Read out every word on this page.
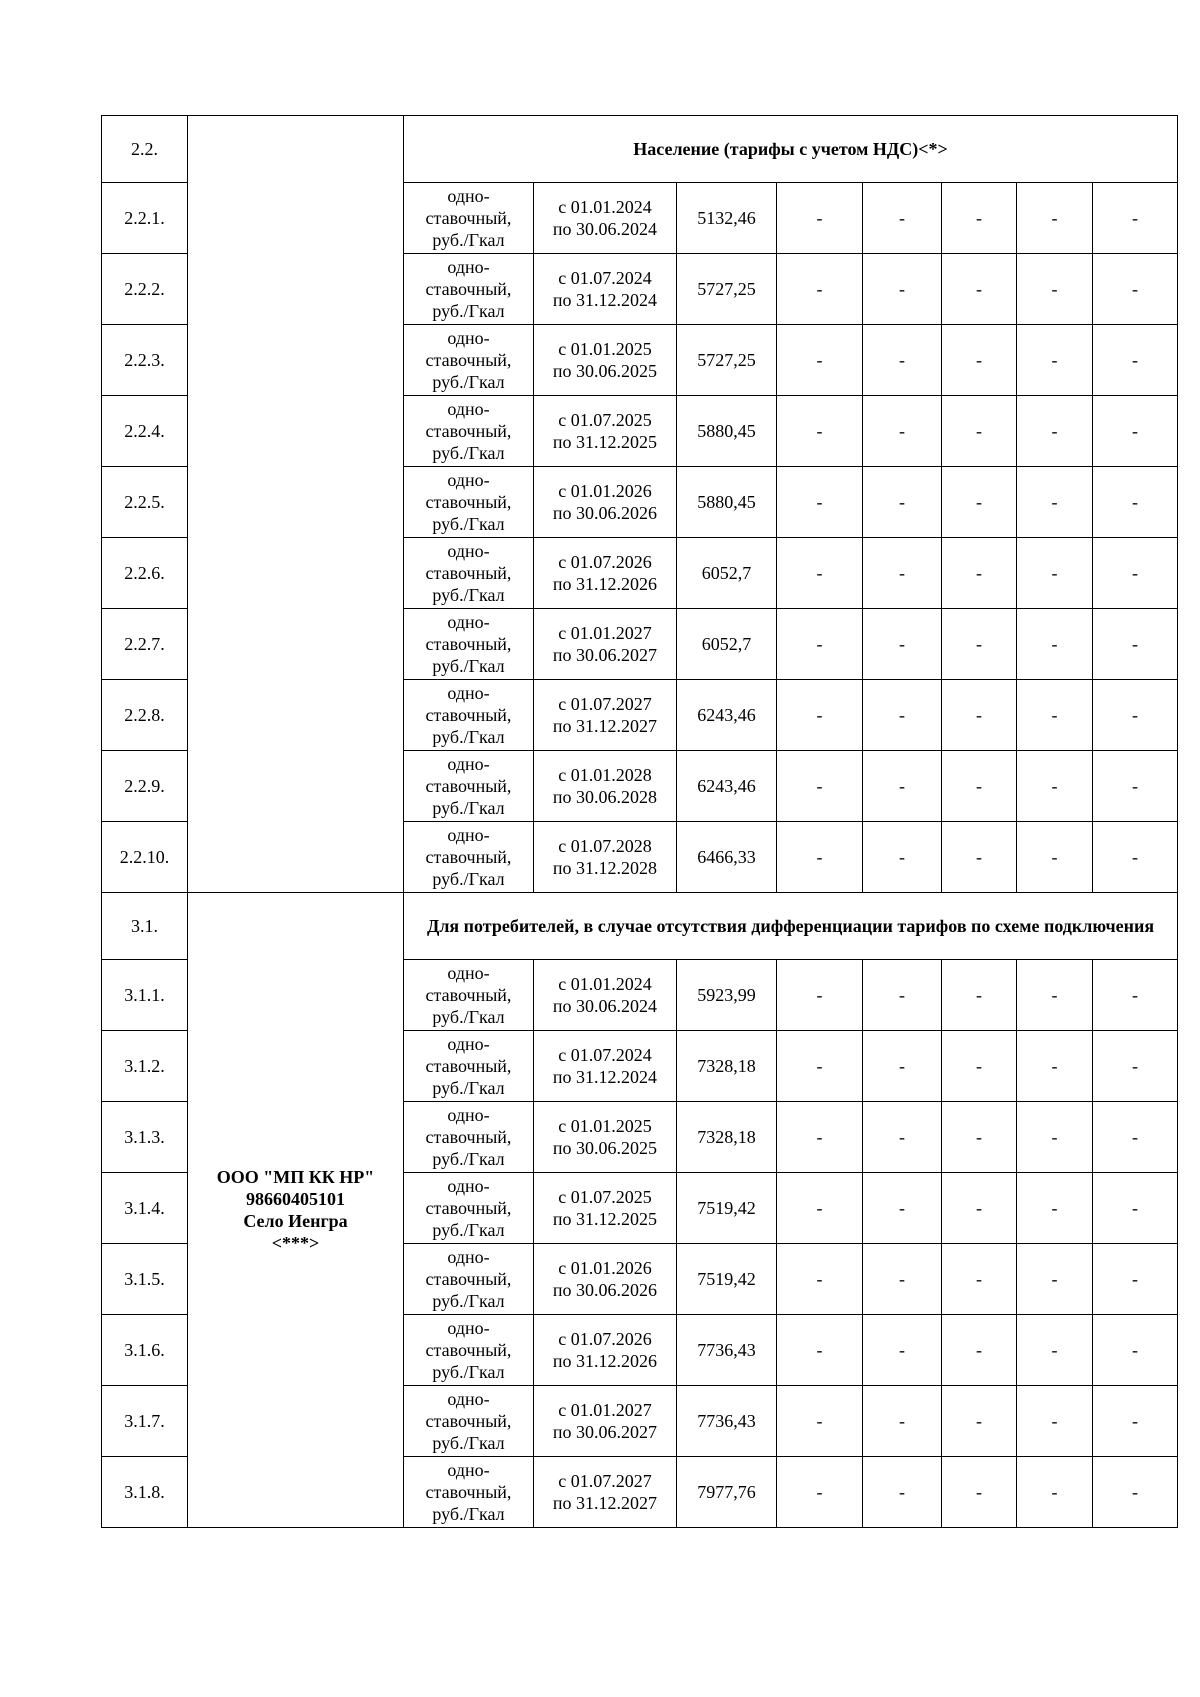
2.2.		Население (тарифы с учетом НДС)<*>							
2.2.1.		одно-
ставочный,
руб./Гкал	с 01.01.2024
по 30.06.2024	5132,46	-	-	-	-	-
2.2.2.		одно-
ставочный,
руб./Гкал	с 01.07.2024
по 31.12.2024	5727,25	-	-	-	-	-
2.2.3.		одно-
ставочный,
руб./Гкал	с 01.01.2025
по 30.06.2025	5727,25	-	-	-	-	-
2.2.4.		одно-
ставочный,
руб./Гкал	с 01.07.2025
по 31.12.2025	5880,45	-	-	-	-	-
2.2.5.		одно-
ставочный,
руб./Гкал	с 01.01.2026
по 30.06.2026	5880,45	-	-	-	-	-
2.2.6.		одно-
ставочный,
руб./Гкал	с 01.07.2026
по 31.12.2026	6052,7	-	-	-	-	-
2.2.7.		одно-
ставочный,
руб./Гкал	с 01.01.2027
по 30.06.2027	6052,7	-	-	-	-	-
2.2.8.		одно-
ставочный,
руб./Гкал	с 01.07.2027
по 31.12.2027	6243,46	-	-	-	-	-
2.2.9.		одно-
ставочный,
руб./Гкал	с 01.01.2028
по 30.06.2028	6243,46	-	-	-	-	-
2.2.10.		одно-
ставочный,
руб./Гкал	с 01.07.2028
по 31.12.2028	6466,33	-	-	-	-	-
3.1.	ООО "МП КК НР"
98660405101
Село Иенгра
<***>	Для потребителей, в случае отсутствия дифференциации тарифов по схеме подключения							
3.1.1.		одно-
ставочный,
руб./Гкал	с 01.01.2024
по 30.06.2024	5923,99	-	-	-	-	-
3.1.2.		одно-
ставочный,
руб./Гкал	с 01.07.2024
по 31.12.2024	7328,18	-	-	-	-	-
3.1.3.		одно-
ставочный,
руб./Гкал	с 01.01.2025
по 30.06.2025	7328,18	-	-	-	-	-
3.1.4.		одно-
ставочный,
руб./Гкал	с 01.07.2025
по 31.12.2025	7519,42	-	-	-	-	-
3.1.5.		одно-
ставочный,
руб./Гкал	с 01.01.2026
по 30.06.2026	7519,42	-	-	-	-	-
3.1.6.		одно-
ставочный,
руб./Гкал	с 01.07.2026
по 31.12.2026	7736,43	-	-	-	-	-
3.1.7.		одно-
ставочный,
руб./Гкал	с 01.01.2027
по 30.06.2027	7736,43	-	-	-	-	-
3.1.8.		одно-
ставочный,
руб./Гкал	с 01.07.2027
по 31.12.2027	7977,76	-	-	-	-	-
